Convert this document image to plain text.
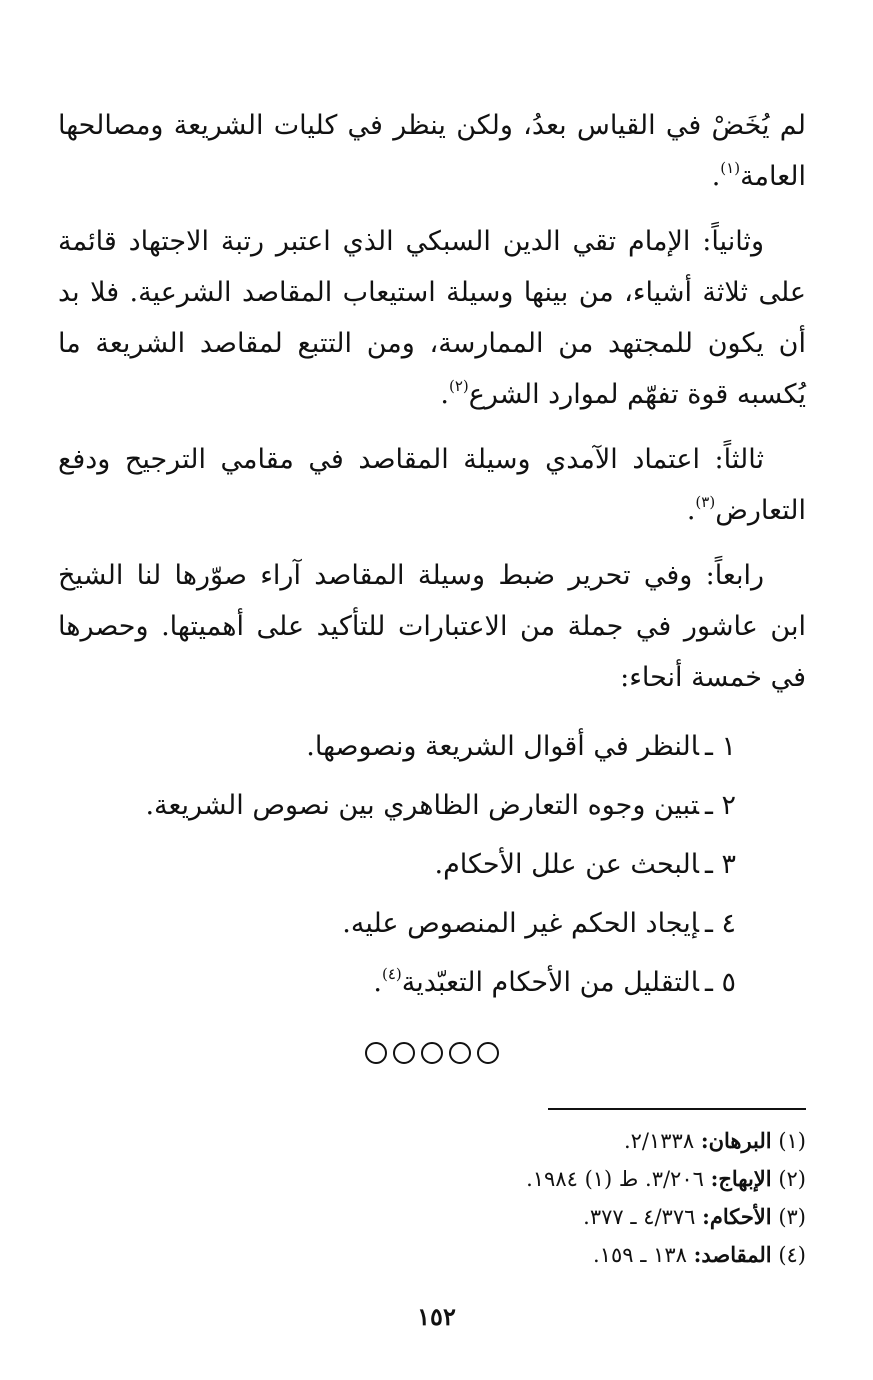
لم يُخَضْ في القياس بعدُ، ولكن ينظر في كليات الشريعة ومصالحها العامة$^{(١)}$.

وثانياً: الإمام تقي الدين السبكي الذي اعتبر رتبة الاجتهاد قائمة على ثلاثة أشياء، من بينها وسيلة استيعاب المقاصد الشرعية. فلا بد أن يكون للمجتهد من الممارسة، ومن التتبع لمقاصد الشريعة ما يُكسبه قوة تفهّم لموارد الشرع$^{(٢)}$.

ثالثاً: اعتماد الآمدي وسيلة المقاصد في مقامي الترجيح ودفع التعارض$^{(٣)}$.

رابعاً: وفي تحرير ضبط وسيلة المقاصد آراء صوّرها لنا الشيخ ابن عاشور في جملة من الاعتبارات للتأكيد على أهميتها. وحصرها في خمسة أنحاء:

١ ـالنظر في أقوال الشريعة ونصوصها.
٢ ـتبين وجوه التعارض الظاهري بين نصوص الشريعة.
٣ ـالبحث عن علل الأحكام.
٤ ـإيجاد الحكم غير المنصوص عليه.
٥ ـالتقليل من الأحكام التعبّدية$^{(٤)}$.

(١) البرهان: ٢/١٣٣٨.

(٢) الإبهاج: ٣/٢٠٦. ط (١) ١٩٨٤.

(٣) الأحكام: ٤/٣٧٦ ـ ٣٧٧.

(٤) المقاصد: ١٣٨ ـ ١٥٩.

١٥٢
